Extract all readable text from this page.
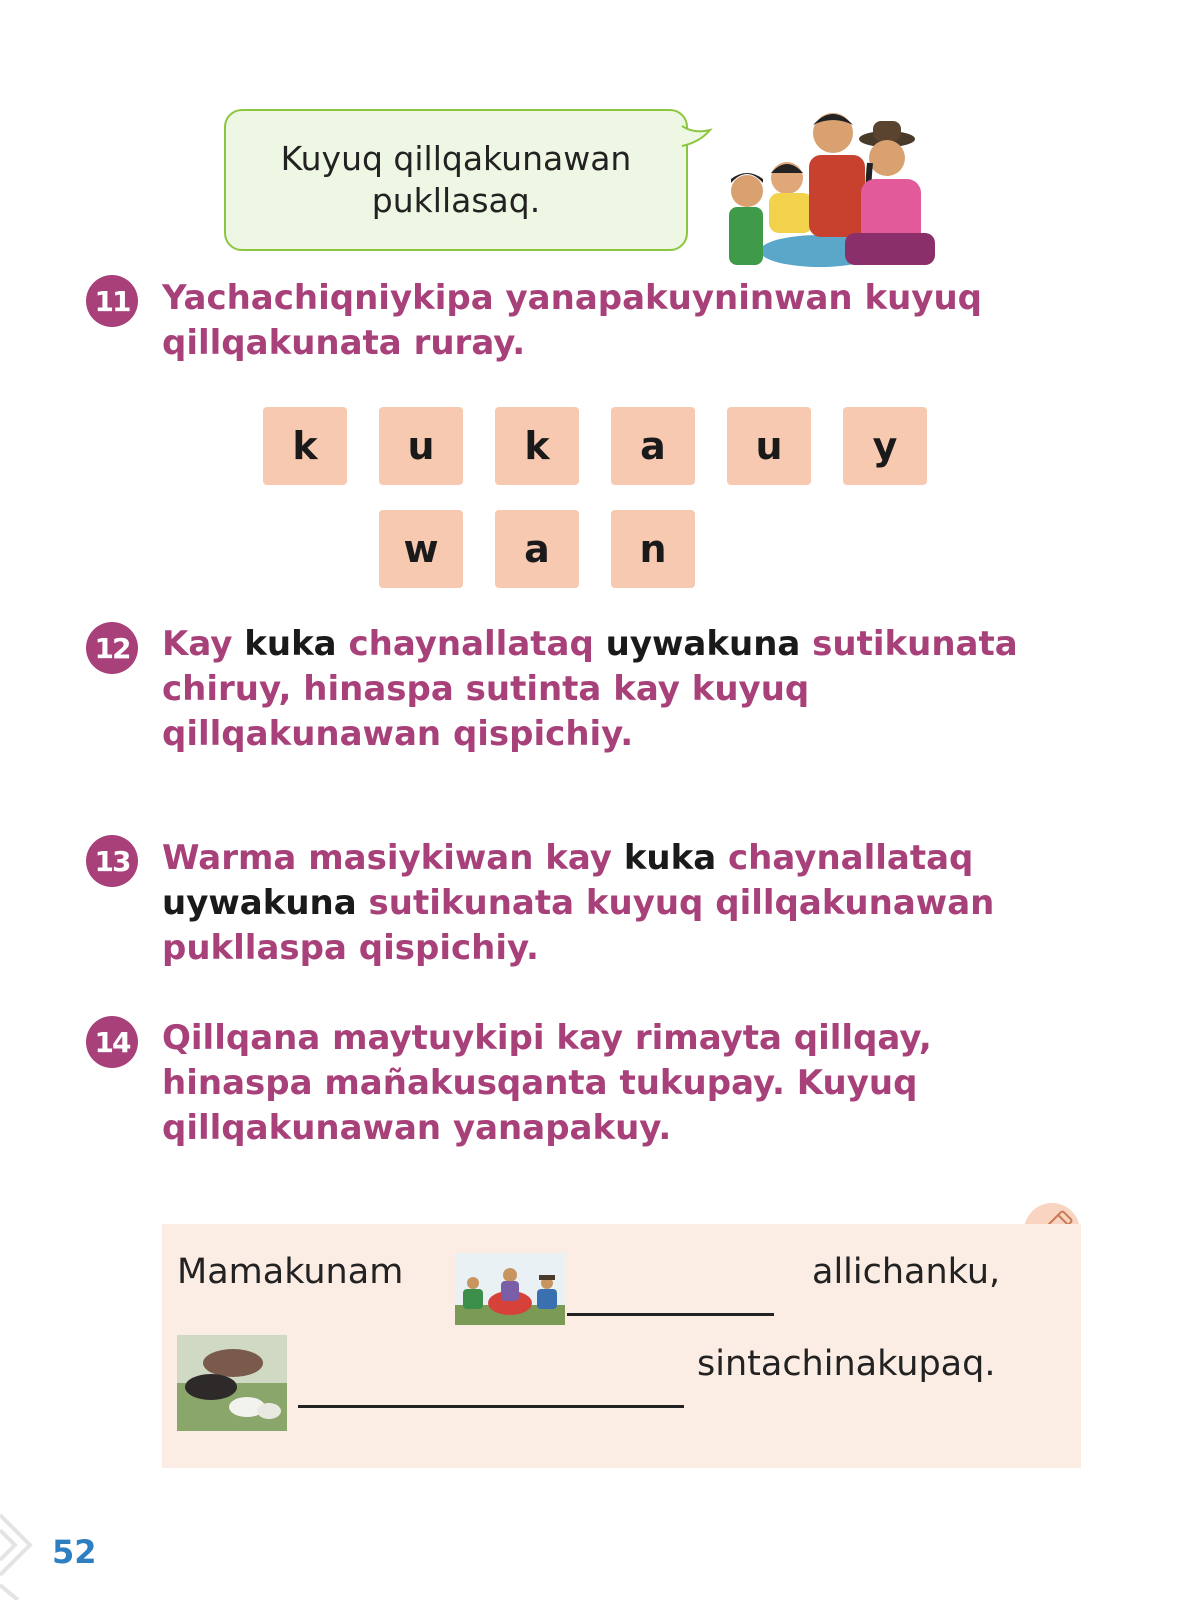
Kuyuq qillqakunawan pukllasaq.
11 Yachachiqniykipa yanapakuyninwan kuyuq qillqakunata ruray.
k	u	k	a	u	y
w	a	n
12 Kay kuka chaynallataq uywakuna sutikunata chiruy, hinaspa sutinta kay kuyuq qillqakunawan qispichiy.
13 Warma masiykiwan kay kuka chaynallataq uywakuna sutikunata kuyuq qillqakunawan pukllaspa qispichiy.
14 Qillqana maytuykipi kay rimayta qillqay, hinaspa mañakusqanta tukupay. Kuyuq qillqakunawan yanapakuy.
Mamakunam	allichanku,
sintachinakupaq.
52
